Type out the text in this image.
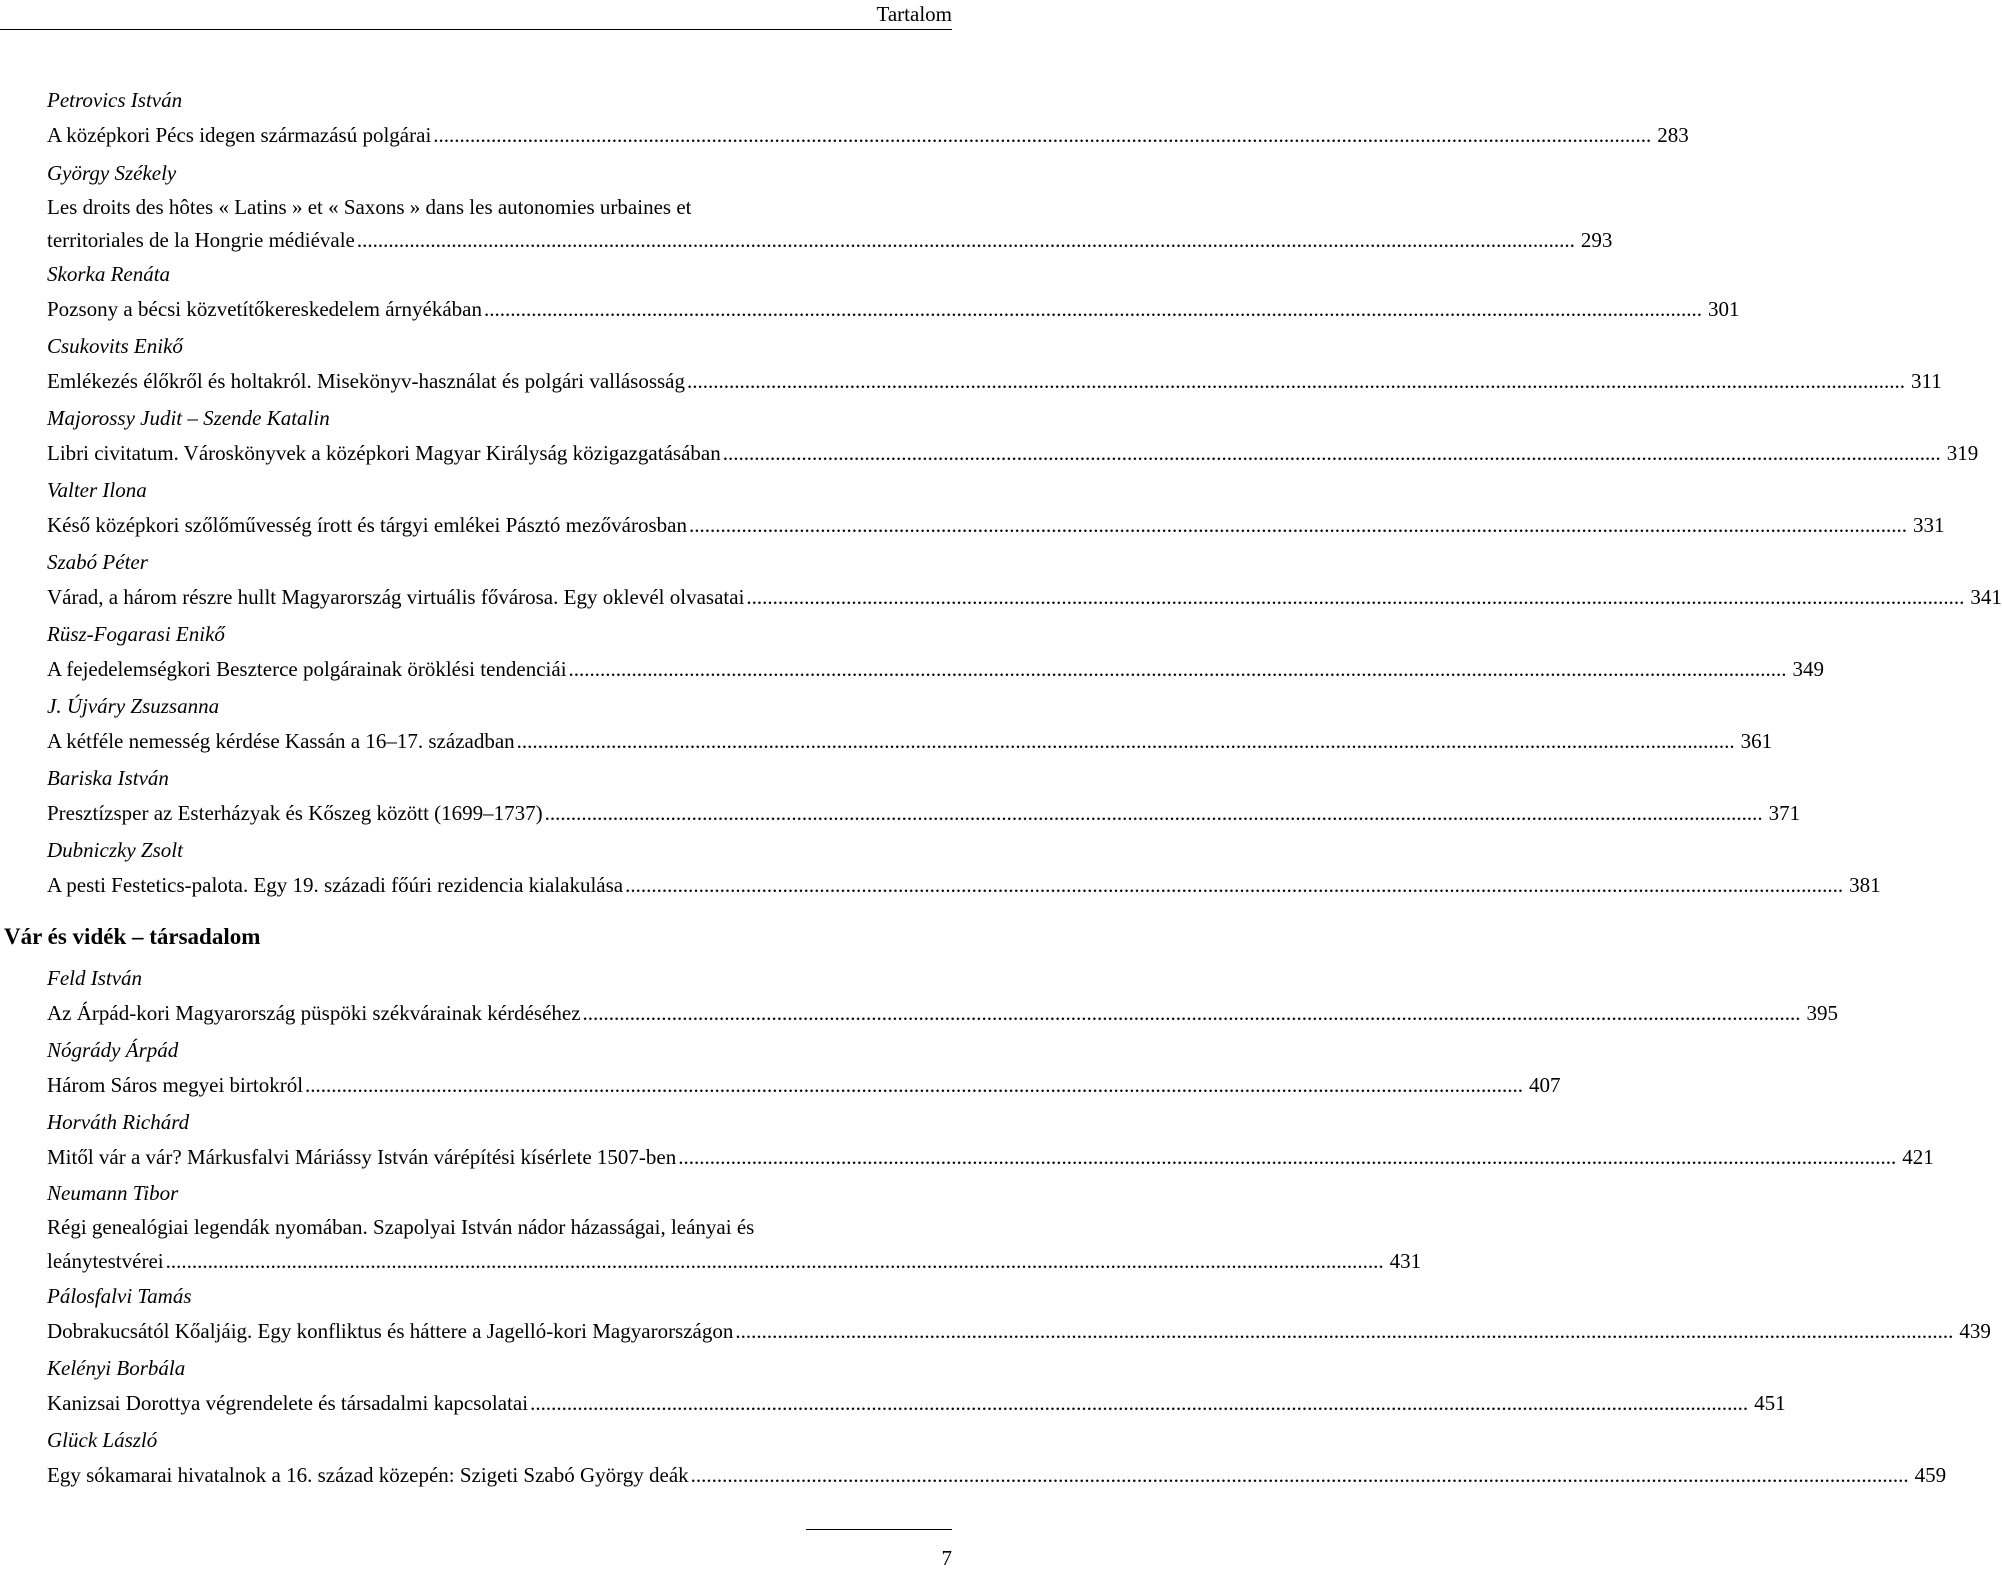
Tartalom
Petrovics István
A középkori Pécs idegen származású polgárai .....	283
György Székely
Les droits des hôtes « Latins » et « Saxons » dans les autonomies urbaines et
territoriales de la Hongrie médiévale .....	293
Skorka Renáta
Pozsony a bécsi közvetítőkereskedelem árnyékában .....	301
Csukovits Enikő
Emlékezés élőkről és holtakról. Misekönyv-használat és polgári vallásosság .....	311
Majorossy Judit – Szende Katalin
Libri civitatum. Városkönyvek a középkori Magyar Királyság közigazgatásában .....	319
Valter Ilona
Késő középkori szőlőművesség írott és tárgyi emlékei Pásztó mezővárosban .....	331
Szabó Péter
Várad, a három részre hullt Magyarország virtuális fővárosa. Egy oklevél olvasatai .....	341
Rüsz-Fogarasi Enikő
A fejedelemségkori Beszterce polgárainak öröklési tendenciái .....	349
J. Újváry Zsuzsanna
A kétféle nemesség kérdése Kassán a 16–17. században .....	361
Bariska István
Presztízsper az Esterházyak és Kőszeg között (1699–1737) .....	371
Dubniczky Zsolt
A pesti Festetics-palota. Egy 19. századi főúri rezidencia kialakulása .....	381
Vár és vidék – társadalom
Feld István
Az Árpád-kori Magyarország püspöki székvárainak kérdéséhez .....	395
Nógrády Árpád
Három Sáros megyei birtokról .....	407
Horváth Richárd
Mitől vár a vár? Márkusfalvi Máriássy István várépítési kísérlete 1507-ben .....	421
Neumann Tibor
Régi genealógiai legendák nyomában. Szapolyai István nádor házasságai, leányai és
leánytestvérei .....	431
Pálosfalvi Tamás
Dobrakucsától Kőaljáig. Egy konfliktus és háttere a Jagelló-kori Magyarországon .....	439
Kelényi Borbála
Kanizsai Dorottya végrendelete és társadalmi kapcsolatai .....	451
Glück László
Egy sókamarai hivatalnok a 16. század közepén: Szigeti Szabó György deák .....	459
7
